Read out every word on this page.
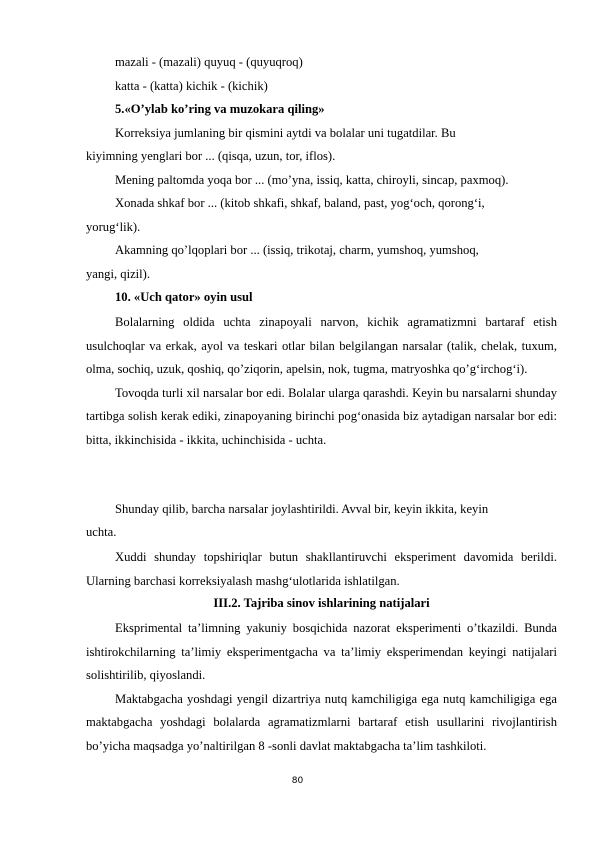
mazali - (mazali) quyuq - (quyuqroq)
katta - (katta) kichik - (kichik)
5.«O’ylab ko’ring va muzokara qiling»
Korreksiya jumlaning bir qismini aytdi va bolalar uni tugatdilar. Bu
kiyimning yenglari bor ... (qisqa, uzun, tor, iflos).
Mening paltomda yoqa bor ... (mo’yna, issiq, katta, chiroyli, sincap, paxmoq).
Xonada shkaf bor ... (kitob shkafi, shkaf, baland, past, yog‘och, qorong‘i,
yorug‘lik).
Akamning qo’lqoplari bor ... (issiq, trikotaj, charm, yumshoq, yumshoq,
yangi, qizil).
10. «Uch qator» oyin usul

Bolalarning oldida uchta zinapoyali narvon, kichik agramatizmni bartaraf etish usulchoqlar va erkak, ayol va teskari otlar bilan belgilangan narsalar (talik, chelak, tuxum, olma, sochiq, uzuk, qoshiq, qo’ziqorin, apelsin, nok, tugma, matryoshka qo’g‘irchog‘i).

Tovoqda turli xil narsalar bor edi. Bolalar ularga qarashdi. Keyin bu narsalarni shunday tartibga solish kerak ediki, zinapoyaning birinchi pog‘onasida biz aytadigan narsalar bor edi: bitta, ikkinchisida - ikkita, uchinchisida - uchta.

Shunday qilib, barcha narsalar joylashtirildi. Avval bir, keyin ikkita, keyin
uchta.

Xuddi shunday topshiriqlar butun shakllantiruvchi eksperiment davomida berildi. Ularning barchasi korreksiyalash mashg‘ulotlarida ishlatilgan.

III.2. Tajriba sinov ishlarining natijalari

Eksprimental ta’limning yakuniy bosqichida nazorat eksperimenti o’tkazildi. Bunda ishtirokchilarning ta’limiy eksperimentgacha va ta’limiy eksperimendan keyingi natijalari solishtirilib, qiyoslandi.

Maktabgacha yoshdagi yengil dizartriya nutq kamchiligiga ega nutq kamchiligiga ega maktabgacha yoshdagi bolalarda agramatizmlarni bartaraf etish usullarini rivojlantirish bo’yicha maqsadga yo’naltirilgan 8 -sonli davlat maktabgacha ta’lim tashkiloti.

80
